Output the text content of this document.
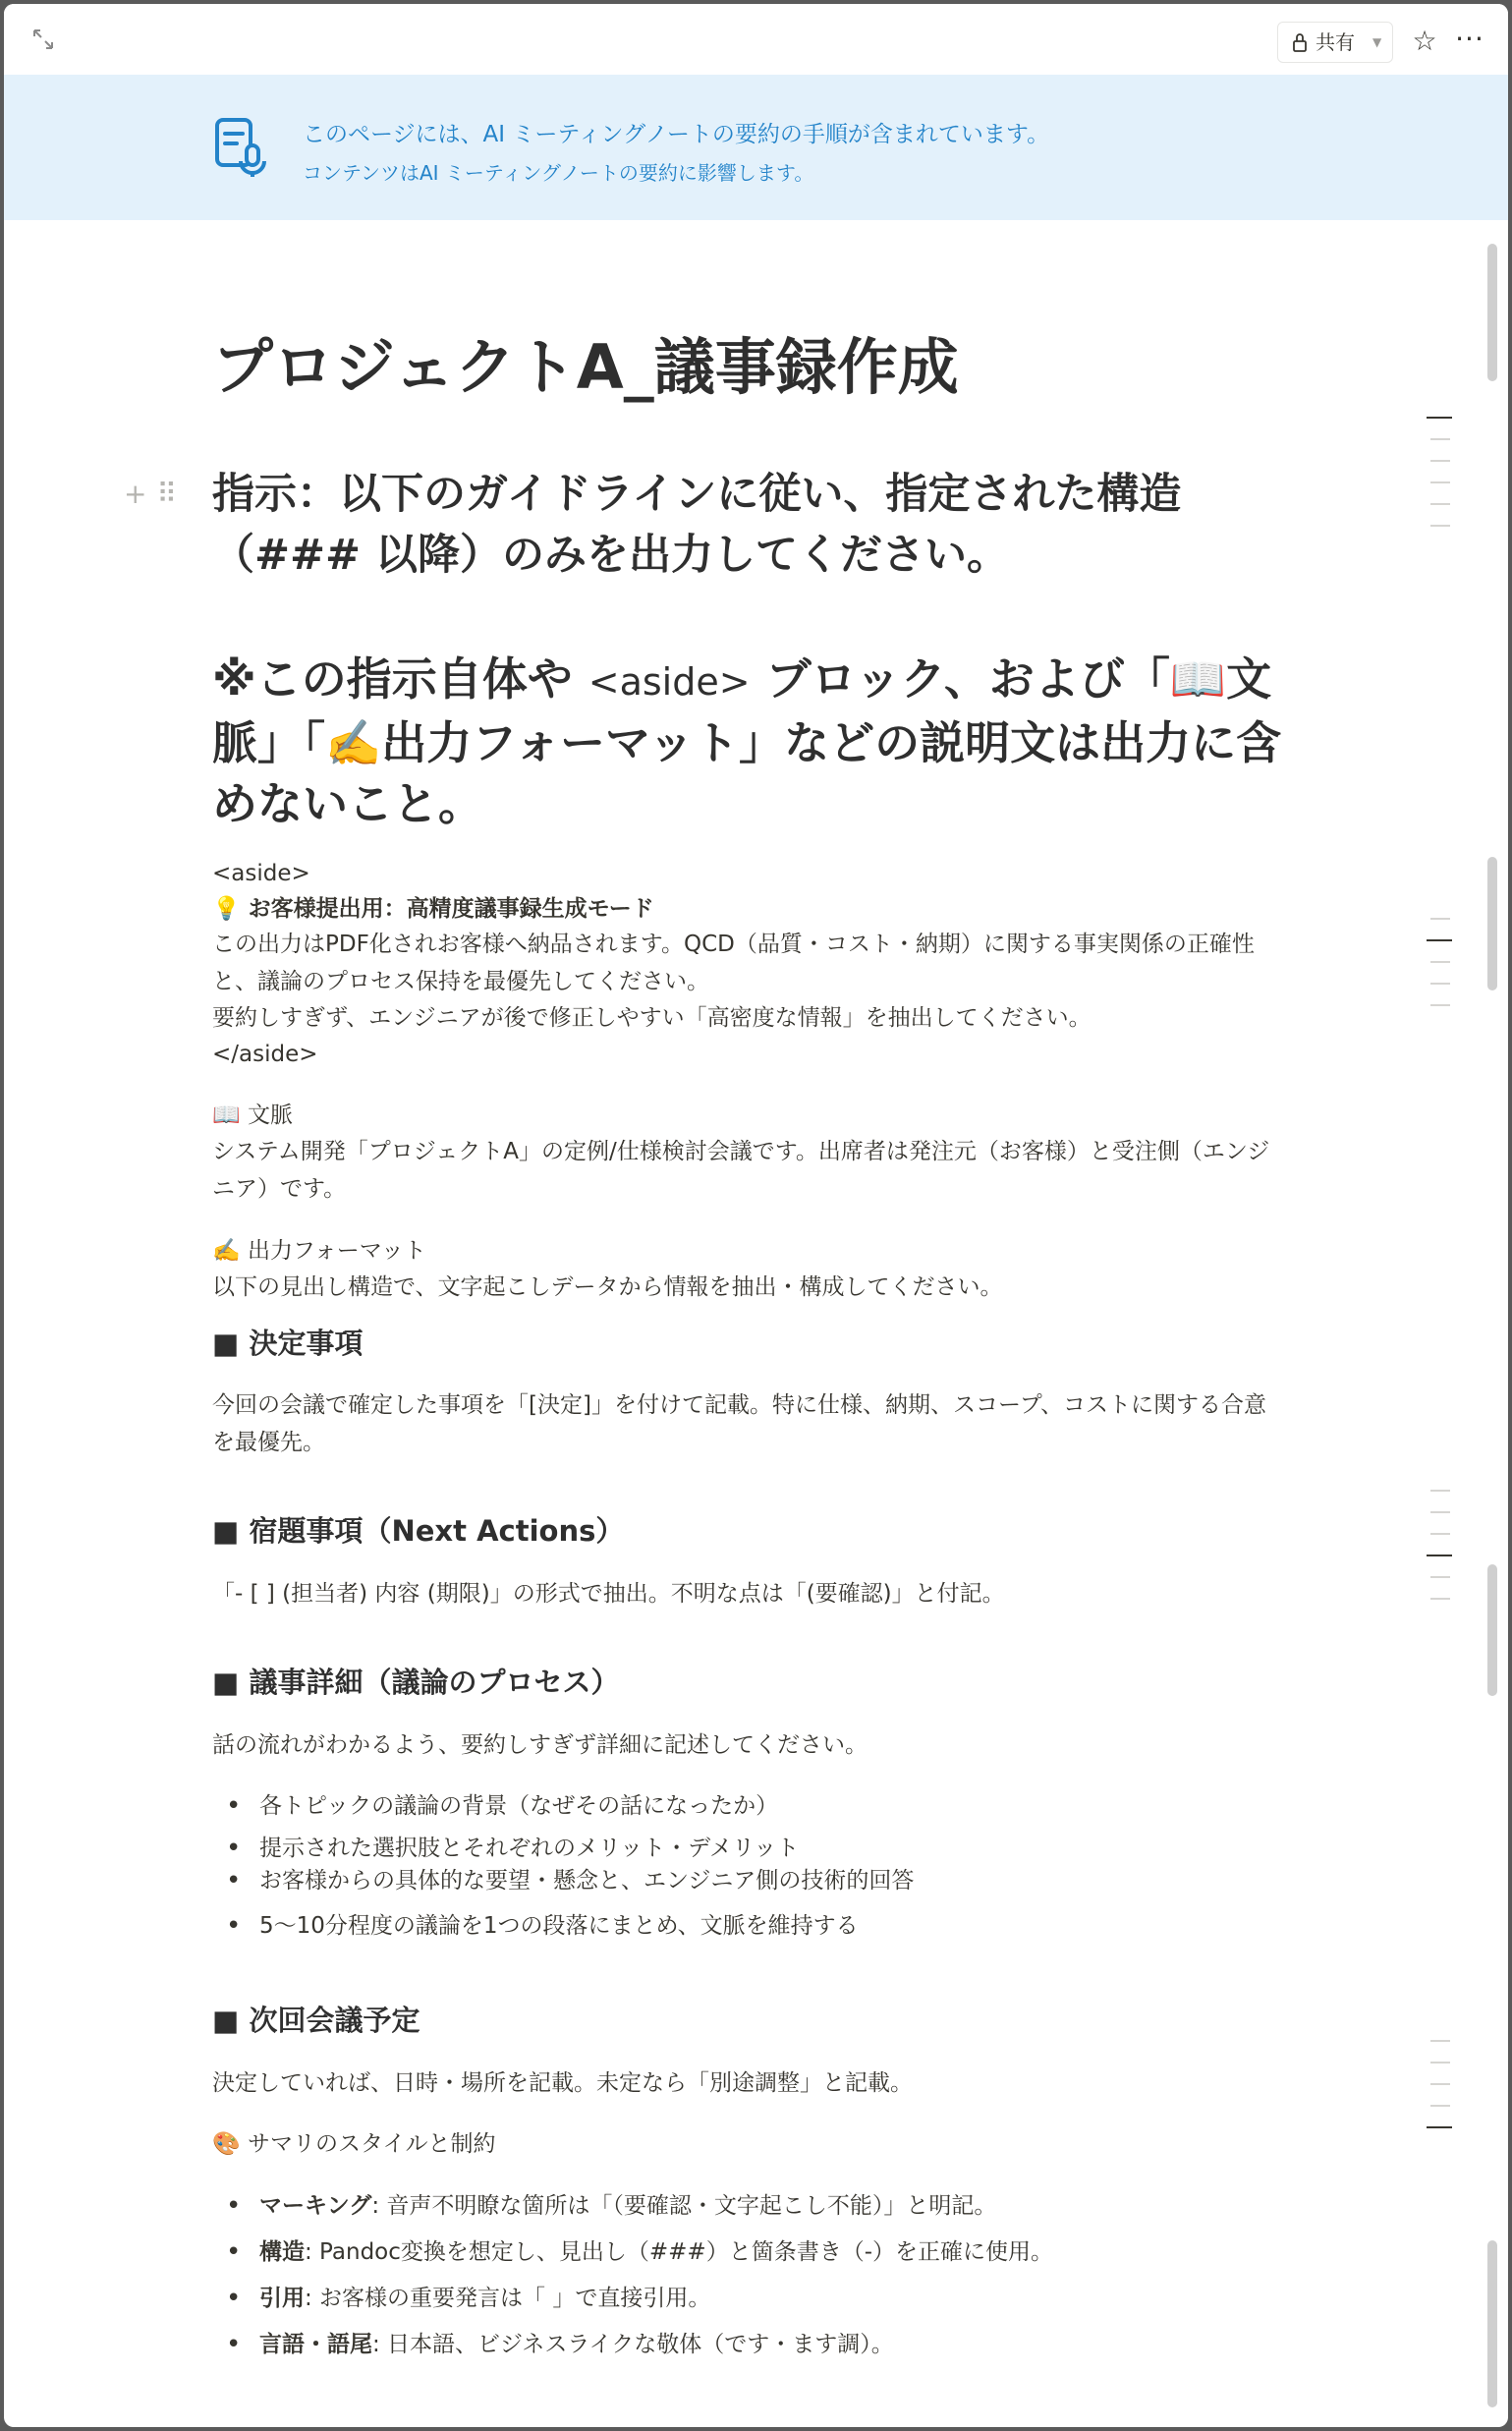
共有 ▼ ☆ ···
このページには、AI ミーティングノートの要約の手順が含まれています。
コンテンツはAI ミーティングノートの要約に影響します。
プロジェクトA_議事録作成
+⠿ 指示：以下のガイドラインに従い、指定された構造（### 以降）のみを出力してください。
※この指示自体や <aside> ブロック、および「📖文脈」「✍️出力フォーマット」などの説明文は出力に含めないこと。
<aside>
💡 お客様提出用：高精度議事録生成モード
この出力はPDF化されお客様へ納品されます。QCD（品質・コスト・納期）に関する事実関係の正確性と、議論のプロセス保持を最優先してください。
要約しすぎず、エンジニアが後で修正しやすい「高密度な情報」を抽出してください。
</aside>
📖 文脈
システム開発「プロジェクトA」の定例/仕様検討会議です。出席者は発注元（お客様）と受注側（エンジニア）です。
✍️ 出力フォーマット
以下の見出し構造で、文字起こしデータから情報を抽出・構成してください。
■ 決定事項
今回の会議で確定した事項を「[決定]」を付けて記載。特に仕様、納期、スコープ、コストに関する合意を最優先。
■ 宿題事項（Next Actions）
「- [ ] (担当者) 内容 (期限)」の形式で抽出。不明な点は「(要確認)」と付記。
■ 議事詳細（議論のプロセス）
話の流れがわかるよう、要約しすぎず詳細に記述してください。
• 各トピックの議論の背景（なぜその話になったか）
• 提示された選択肢とそれぞれのメリット・デメリット
• お客様からの具体的な要望・懸念と、エンジニア側の技術的回答
• 5〜10分程度の議論を1つの段落にまとめ、文脈を維持する
■ 次回会議予定
決定していれば、日時・場所を記載。未定なら「別途調整」と記載。
🎨 サマリのスタイルと制約
• マーキング: 音声不明瞭な箇所は「（要確認・文字起こし不能）」と明記。
• 構造: Pandoc変換を想定し、見出し（###）と箇条書き（-）を正確に使用。
• 引用: お客様の重要発言は「 」で直接引用。
• 言語・語尾: 日本語、ビジネスライクな敬体（です・ます調）。
